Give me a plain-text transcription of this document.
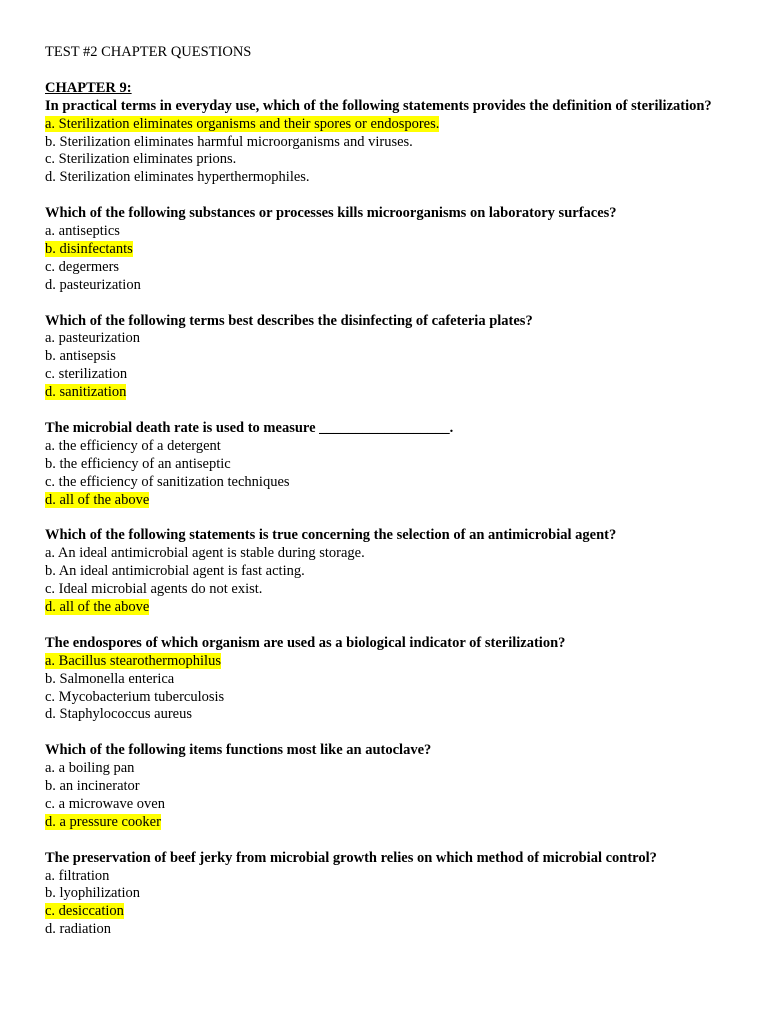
TEST #2 CHAPTER QUESTIONS
CHAPTER 9:
In practical terms in everyday use, which of the following statements provides the definition of sterilization?
a. Sterilization eliminates organisms and their spores or endospores.
b. Sterilization eliminates harmful microorganisms and viruses.
c. Sterilization eliminates prions.
d. Sterilization eliminates hyperthermophiles.
Which of the following substances or processes kills microorganisms on laboratory surfaces?
a. antiseptics
b. disinfectants
c. degermers
d. pasteurization
Which of the following terms best describes the disinfecting of cafeteria plates?
a. pasteurization
b. antisepsis
c. sterilization
d. sanitization
The microbial death rate is used to measure __________________.
a. the efficiency of a detergent
b. the efficiency of an antiseptic
c. the efficiency of sanitization techniques
d. all of the above
Which of the following statements is true concerning the selection of an antimicrobial agent?
a. An ideal antimicrobial agent is stable during storage.
b. An ideal antimicrobial agent is fast acting.
c. Ideal microbial agents do not exist.
d. all of the above
The endospores of which organism are used as a biological indicator of sterilization?
a. Bacillus stearothermophilus
b. Salmonella enterica
c. Mycobacterium tuberculosis
d. Staphylococcus aureus
Which of the following items functions most like an autoclave?
a. a boiling pan
b. an incinerator
c. a microwave oven
d. a pressure cooker
The preservation of beef jerky from microbial growth relies on which method of microbial control?
a. filtration
b. lyophilization
c. desiccation
d. radiation
